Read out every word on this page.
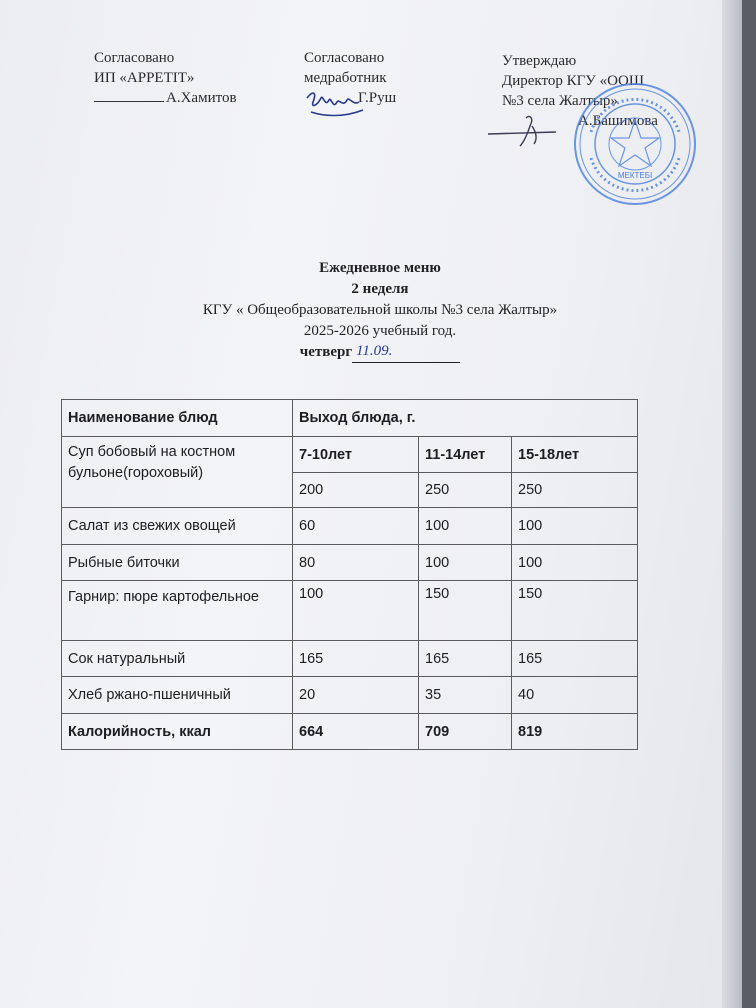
Согласовано
ИП «APPETIT»
А.Хамитов
Согласовано
медработник
Г.Руш
Утверждаю
Директор КГУ «ООШ
№3 села Жалтыр»
А.Башимова
МЕКТЕБІ
Ежедневное меню
2 неделя
КГУ « Общеобразовательной школы №3 села Жалтыр»
2025-2026 учебный год.
четверг 11.09.
Наименование блюд	Выход блюда, г.		
Суп бобовый на костном бульоне(гороховый)	7-10лет	11-14лет	15-18лет
	200	250	250
Салат из свежих овощей	60	100	100
Рыбные биточки	80	100	100
Гарнир: пюре картофельное	100	150	150
Сок натуральный	165	165	165
Хлеб ржано-пшеничный	20	35	40
Калорийность, ккал	664	709	819
